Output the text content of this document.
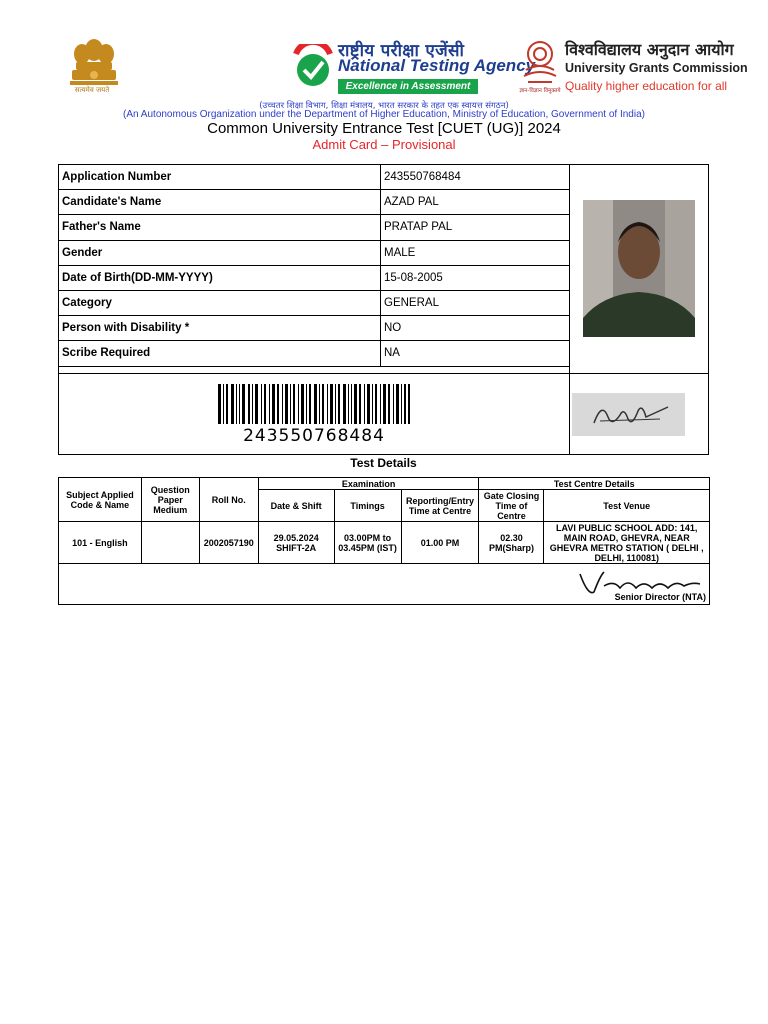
सत्यमेव जयते
राष्ट्रीय परीक्षा एजेंसी
National Testing Agency
Excellence in Assessment	ज्ञान-विज्ञान विमुक्तये
विश्वविद्यालय अनुदान आयोग
University Grants Commission
Quality higher education for all
(उच्चतर शिक्षा विभाग, शिक्षा मंत्रालय, भारत सरकार के तहत एक स्वायत्त संगठन)
(An Autonomous Organization under the Department of Higher Education, Ministry of Education, Government of India)
Common University Entrance Test [CUET (UG)] 2024
Admit Card – Provisional
Application Number	243550768484
Candidate's Name	AZAD PAL
Father's Name	PRATAP PAL
Gender	MALE
Date of Birth(DD-MM-YYYY)	15-08-2005
Category	GENERAL
Person with Disability *	NO
Scribe Required	NA
243550768484
Test Details
Subject Applied Code & Name	Question Paper Medium	Roll No.	Examination			Test Centre Details	
			Date & Shift	Timings	Reporting/Entry Time at Centre	Gate Closing Time of Centre	Test Venue
101 - English		2002057190	29.05.2024 SHIFT-2A	03.00PM to 03.45PM (IST)	01.00 PM	02.30 PM(Sharp)	LAVI PUBLIC SCHOOL ADD: 141, MAIN ROAD, GHEVRA, NEAR GHEVRA METRO STATION ( DELHI , DELHI, 110081)
Senior Director (NTA)
